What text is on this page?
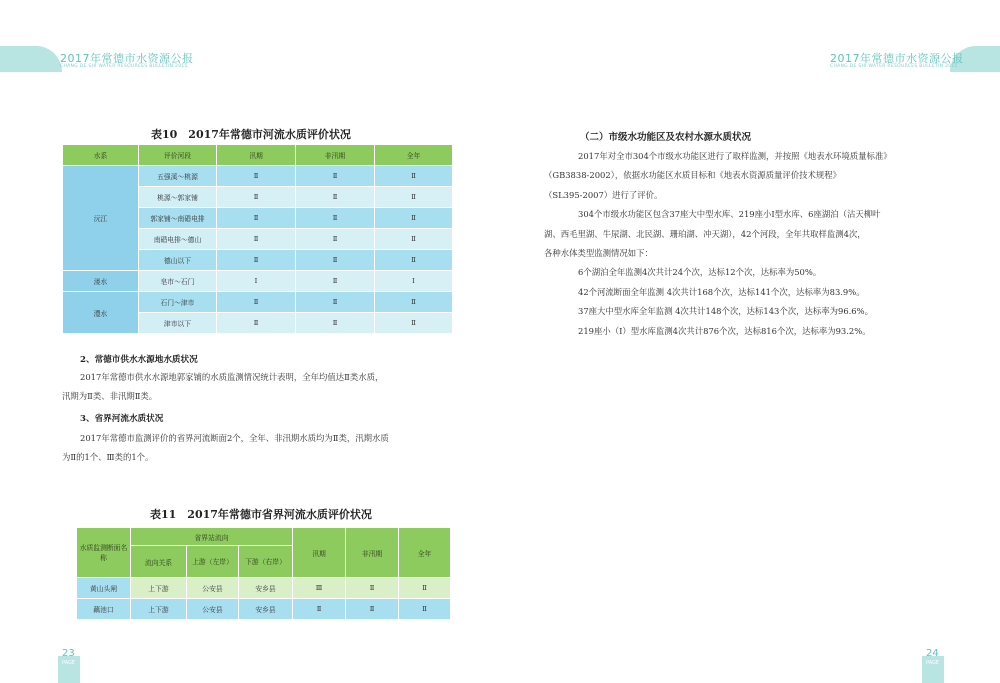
2017年常德市水资源公报
CHANG DE SHI WATER RESOURCES BULLETIN 2015
表10　2017年常德市河流水质评价状况
水系	评价河段	汛期	非汛期	全年
沅江	五强溪～桃源	Ⅱ	Ⅱ	Ⅱ
	桃源～郭家铺	Ⅱ	Ⅱ	Ⅱ
	郭家铺～南碈电排	Ⅱ	Ⅱ	Ⅱ
	南碈电排～德山	Ⅱ	Ⅱ	Ⅱ
	德山以下	Ⅱ	Ⅱ	Ⅱ
溇水	皂市～石门	Ⅰ	Ⅱ	Ⅰ
澧水	石门～津市	Ⅱ	Ⅱ	Ⅱ
	津市以下	Ⅱ	Ⅱ	Ⅱ
2、常德市供水水源地水质状况

2017年常德市供水水源地郭家铺的水质监测情况统计表明，全年均值达Ⅱ类水质，

汛期为Ⅱ类、非汛期Ⅱ类。

3、省界河流水质状况

2017年常德市监测评价的省界河流断面2个，全年、非汛期水质均为Ⅱ类，汛期水质

为Ⅱ的1个、Ⅲ类的1个。

表11　2017年常德市省界河流水质评价状况
水质监测断面名称	省界站流向			汛期	非汛期	全年
	流向关系	上游（左岸）	下游（右岸）			
黄山头闸	上下游	公安县	安乡县	Ⅲ	Ⅱ	Ⅱ
藕池口	上下游	公安县	安乡县	Ⅱ	Ⅱ	Ⅱ
23
PAGE
2017年常德市水资源公报
CHANG DE SHI WATER RESOURCES BULLETIN 2015
（二）市级水功能区及农村水源水质状况

2017年对全市304个市级水功能区进行了取样监测，并按照《地表水环境质量标准》

（GB3838-2002），依据水功能区水质目标和《地表水资源质量评价技术规程》

（SL395-2007）进行了评价。

304个市级水功能区包含37座大中型水库、219座小Ⅰ型水库、6座湖泊（沾天柳叶

湖、西毛里湖、牛尿湖、北民湖、珊珀湖、冲天湖），42个河段，全年共取样监测4次，

各种水体类型监测情况如下：

6个湖泊全年监测4次共计24个次，达标12个次，达标率为50%。

42个河流断面全年监测 4次共计168个次，达标141个次，达标率为83.9%。

37座大中型水库全年监测 4次共计148个次，达标143个次，达标率为96.6%。

219座小（Ⅰ）型水库监测4次共计876个次，达标816个次，达标率为93.2%。

24
PAGE
